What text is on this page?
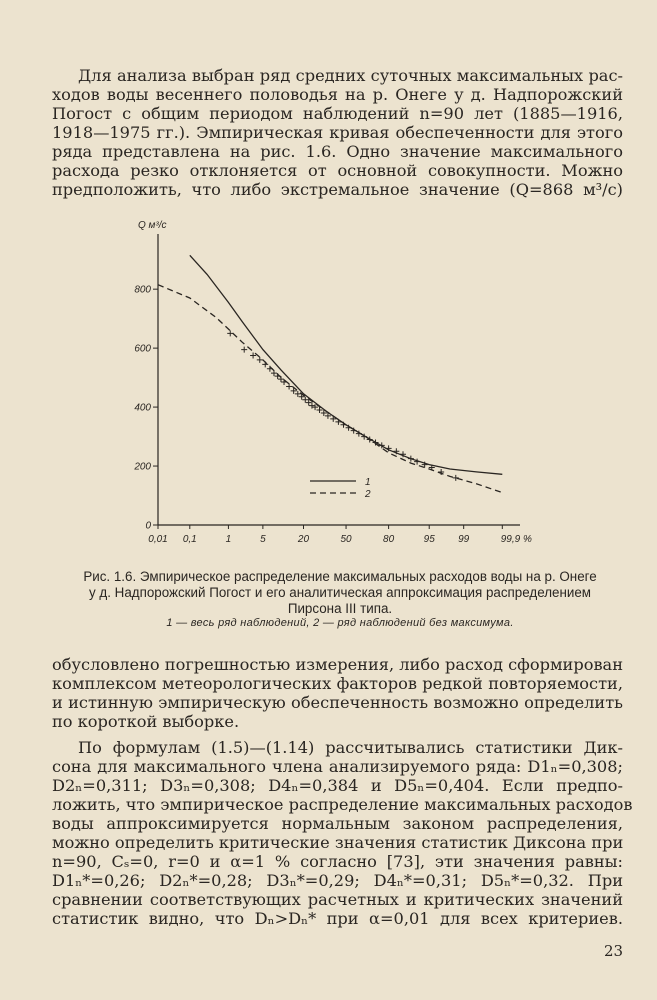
Для анализа выбран ряд средних суточных максимальных рас-
ходов воды весеннего половодья на р. Онеге у д. Надпорожский
Погост с общим периодом наблюдений n=90 лет (1885—1916,
1918—1975 гг.). Эмпирическая кривая обеспеченности для этого
ряда представлена на рис. 1.6. Одно значение максимального
расхода резко отклоняется от основной совокупности. Можно
предположить, что либо экстремальное значение (Q=868 м³/с)
Q м³/с
0
200
400
600
800
0,01 0,1	1	5	20	50	80	95 99	99,9 %
1
2
Рис. 1.6. Эмпирическое распределение максимальных расходов воды на р. Онеге
у д. Надпорожский Погост и его аналитическая аппроксимация распределением
Пирсона III типа.
1 — весь ряд наблюдений, 2 — ряд наблюдений без максимума.
обусловлено погрешностью измерения, либо расход сформирован
комплексом метеорологических факторов редкой повторяемости,
и истинную эмпирическую обеспеченность возможно определить
по короткой выборке.
По формулам (1.5)—(1.14) рассчитывались статистики Дик-
сона для максимального члена анализируемого ряда: D1ₙ=0,308;
D2ₙ=0,311; D3ₙ=0,308; D4ₙ=0,384 и D5ₙ=0,404. Если предпо-
ложить, что эмпирическое распределение максимальных расходов
воды аппроксимируется нормальным законом распределения,
можно определить критические значения статистик Диксона при
n=90, Cₛ=0, r=0 и α=1 % согласно [73], эти значения равны:
D1ₙ*=0,26; D2ₙ*=0,28; D3ₙ*=0,29; D4ₙ*=0,31; D5ₙ*=0,32. При
сравнении соответствующих расчетных и критических значений
статистик видно, что Dₙ>Dₙ* при α=0,01 для всех критериев.
23
